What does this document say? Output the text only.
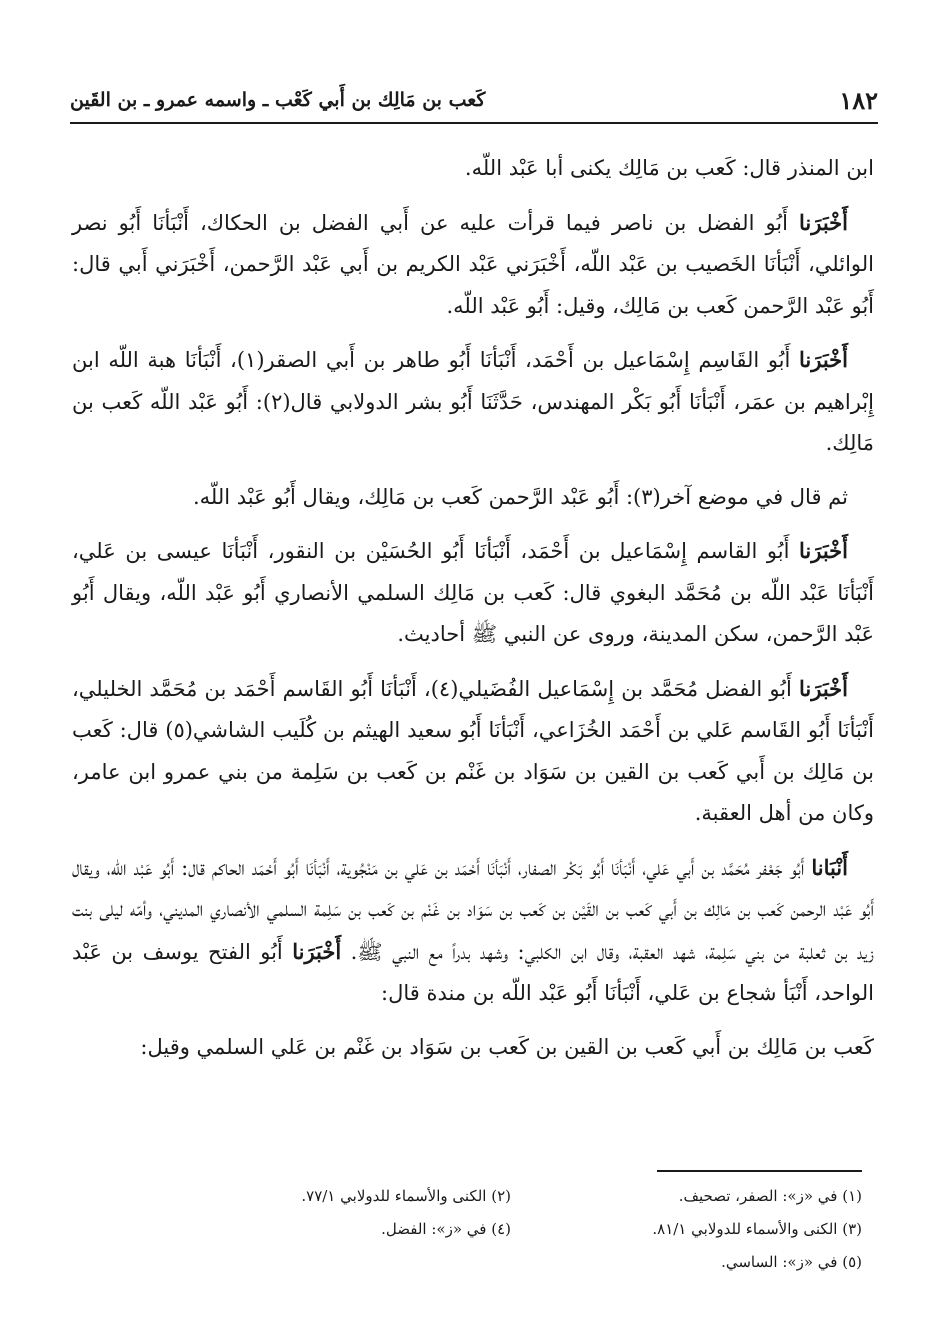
١٨٢
كَعب بن مَالِك بن أَبي كَعْب ـ واسمه عمرو ـ بن القَين

ابن المنذر قال: كَعب بن مَالِك يكنى أبا عَبْد اللّه.

أَخْبَرَنا أَبُو الفضل بن ناصر فيما قرأت عليه عن أَبي الفضل بن الحكاك، أَنْبَأنَا أَبُو نصر الوائلي، أَنْبَأنَا الخَصيب بن عَبْد اللّه، أَخْبَرَني عَبْد الكريم بن أَبي عَبْد الرَّحمن، أَخْبَرَني أَبي قال: أَبُو عَبْد الرَّحمن كَعب بن مَالِك، وقيل: أَبُو عَبْد اللّه.

أَخْبَرَنا أَبُو القَاسِم إِسْمَاعيل بن أَحْمَد، أَنْبَأنَا أَبُو طاهر بن أَبي الصقر(١)، أَنْبَأنَا هبة اللّه ابن إِبْراهيم بن عمَر، أَنْبَأنَا أَبُو بَكْر المهندس، حَدَّثَنَا أَبُو بشر الدولابي قال(٢): أَبُو عَبْد اللّه كَعب بن مَالِك.

ثم قال في موضع آخر(٣): أَبُو عَبْد الرَّحمن كَعب بن مَالِك، ويقال أَبُو عَبْد اللّه.

أَخْبَرَنا أَبُو القاسم إِسْمَاعيل بن أَحْمَد، أَنْبَأنَا أَبُو الحُسَيْن بن النقور، أَنْبَأنَا عيسى بن عَلي، أَنْبَأنَا عَبْد اللّه بن مُحَمَّد البغوي قال: كَعب بن مَالِك السلمي الأنصاري أَبُو عَبْد اللّه، ويقال أَبُو عَبْد الرَّحمن، سكن المدينة، وروى عن النبي ﷺ أحاديث.

أَخْبَرَنا أَبُو الفضل مُحَمَّد بن إِسْمَاعيل الفُضَيلي(٤)، أَنْبَأنَا أَبُو القَاسم أَحْمَد بن مُحَمَّد الخليلي، أَنْبَأنَا أَبُو القَاسم عَلي بن أَحْمَد الخُزَاعي، أَنْبَأنَا أَبُو سعيد الهيثم بن كُلَيب الشاشي(٥) قال: كَعب بن مَالِك بن أَبي كَعب بن القين بن سَوَاد بن غَنْم بن كَعب بن سَلِمة من بني عمرو ابن عامر، وكان من أهل العقبة.

أَنْبَانا أَبُو جَعْفر مُحَمَّد بن أَبي عَلي، أَنْبَأنَا أَبُو بَكْر الصفار، أَنْبَأنَا أَحْمَد بن عَلي بن مَنْجُوية، أَنْبَأنَا أَبُو أَحْمَد الحاكم قال: أَبُو عَبْد اللّه، ويقال أَبُو عَبْد الرحمن كَعب بن مَالِك بن أَبي كَعب بن القَيْن بن كَعب بن سَوَاد بن غَنْم بن كَعب بن سَلِمة السلمي الأنصاري المديني، وأمّه ليلى بنت زيد بن ثعلبة من بني سَلِمة، شهد العقبة، وقال ابن الكلبي: وشهد بدراً مع النبي ﷺ. أَخْبَرَنا أَبُو الفتح يوسف بن عَبْد الواحد، أَنْبَأ شجاع بن عَلي، أَنْبَأنَا أَبُو عَبْد اللّه بن مندة قال:

كَعب بن مَالِك بن أَبي كَعب بن القين بن كَعب بن سَوَاد بن غَنْم بن عَلي السلمي وقيل:

(١) في «ز»: الصفر، تصحيف.
(٢) الكنى والأسماء للدولابي ٧٧/١.
(٣) الكنى والأسماء للدولابي ٨١/١.
(٤) في «ز»: الفضل.
(٥) في «ز»: الساسي.
